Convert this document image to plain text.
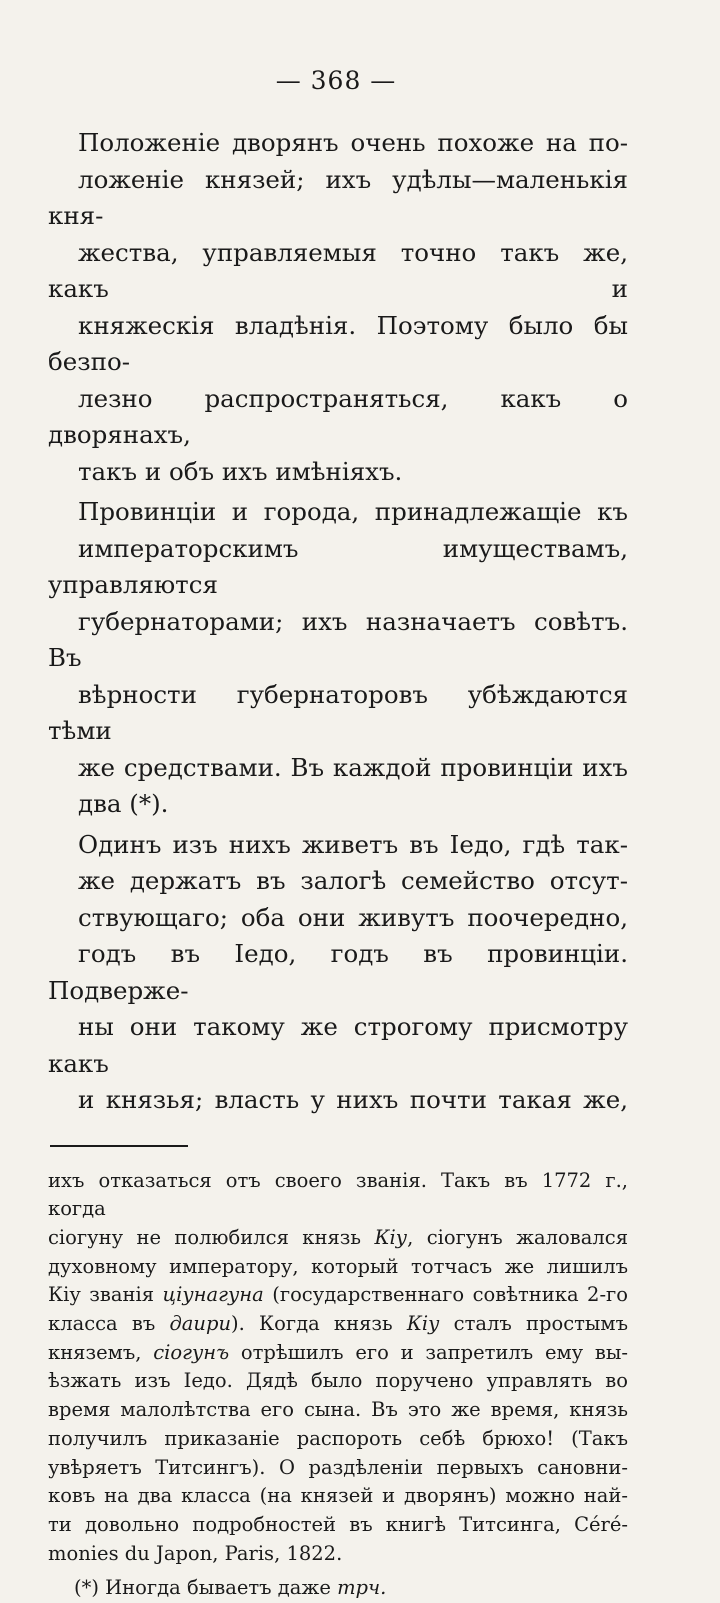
— 368 —

Положеніе дворянъ очень похоже на по-
ложеніе князей; ихъ удѣлы—маленькія кня-
жества, управляемыя точно такъ же, какъ и
княжескія владѣнія. Поэтому было бы безпо-
лезно распространяться, какъ о дворянахъ,
такъ и объ ихъ имѣніяхъ.

Провинціи и города, принадлежащіе къ
императорскимъ имуществамъ, управляются
губернаторами; ихъ назначаетъ совѣтъ. Въ
вѣрности губернаторовъ убѣждаются тѣми
же средствами. Въ каждой провинціи ихъ
два (*).

Одинъ изъ нихъ живетъ въ Іедо, гдѣ так-
же держатъ въ залогѣ семейство отсут-
ствующаго; оба они живутъ поочередно,
годъ въ Іедо, годъ въ провинціи. Подвержe-
ны они такому же строгому присмотру какъ
и князья; власть у нихъ почти такая же,

ихъ отказаться отъ своего званія. Такъ въ 1772 г., когда
сіогуну не полюбился князь Кіу, сіогунъ жаловался
духовному императору, который тотчасъ же лишилъ
Кіу званія ціунагуна (государственнаго совѣтника 2-го
класса въ даири). Когда князь Кіу сталъ простымъ
княземъ, сіогунъ отрѣшилъ его и запретилъ ему вы-
ѣзжать изъ Іедо. Дядѣ было поручено управлять во
время малолѣтства его сына. Въ это же время, князь
получилъ приказаніе распороть себѣ брюхо! (Такъ
увѣряетъ Титсингъ). О раздѣленіи первыхъ сановни-
ковъ на два класса (на князей и дворянъ) можно най-
ти довольно подробностей въ книгѣ Титсинга, Céré-
monies du Japon, Paris, 1822.

(*) Иногда бываетъ даже трч.
